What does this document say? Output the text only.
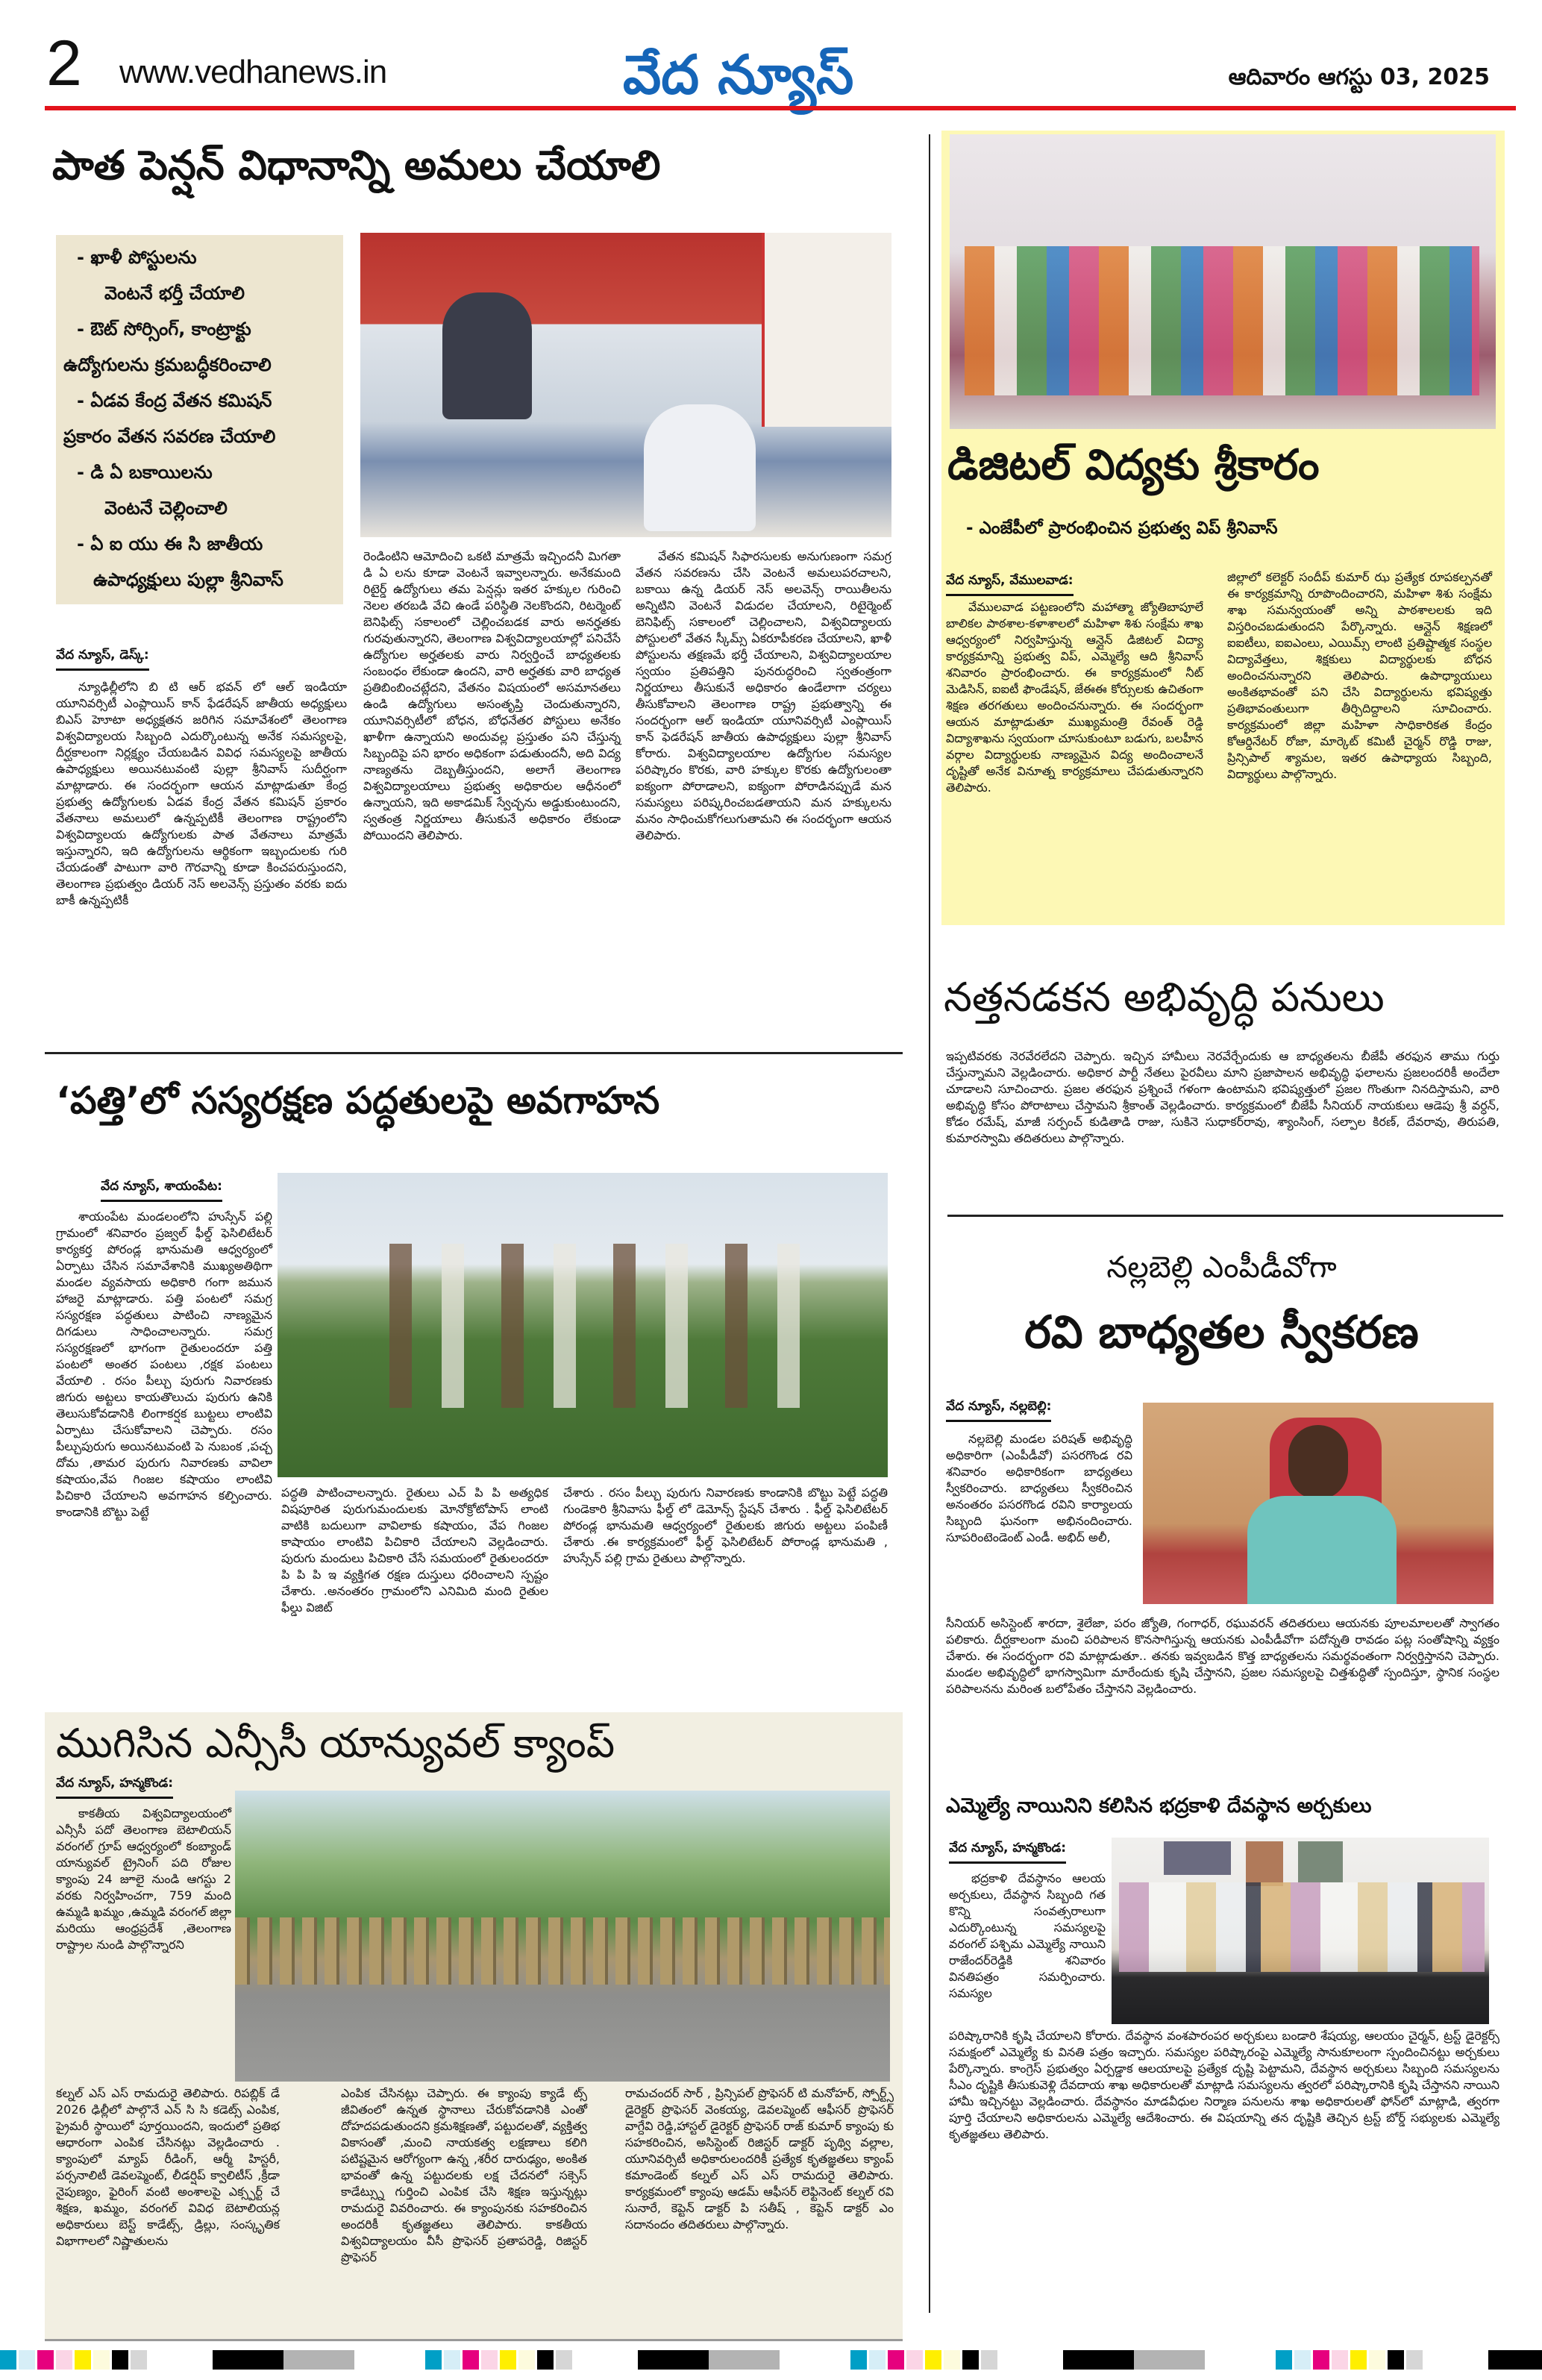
2 www.vedhanews.in	వేద న్యూస్	ఆదివారం ఆగస్టు 03, 2025
పాత పెన్షన్ విధానాన్ని అమలు చేయాలి
- ఖాళీ పోస్టులను
వెంటనే భర్తీ చేయాలి
- ఔట్ సోర్సింగ్, కాంట్రాక్టు
ఉద్యోగులను క్రమబద్ధీకరించాలి
- ఏడవ కేంద్ర వేతన కమిషన్
ప్రకారం వేతన సవరణ చేయాలి
- డి ఏ బకాయిలను
వెంటనే చెల్లించాలి
- ఏ ఐ యు ఈ సి జాతీయ
ఉపాధ్యక్షులు పుల్లా శ్రీనివాస్
వేద న్యూస్, డెస్క్:
న్యూఢిల్లీలోని బి టి ఆర్ భవన్ లో ఆల్ ఇండియా యూనివర్సిటీ ఎంప్లాయిస్ కాన్ ఫేడరేషన్ జాతీయ అధ్యక్షులు బిఎస్ హెూటా అధ్యక్షతన జరిగిన సమావేశంలో తెలంగాణ విశ్వవిద్యాలయ సిబ్బంది ఎదుర్కొంటున్న అనేక సమస్యలపై, దీర్ఘకాలంగా నిర్లక్ష్యం చేయబడిన వివిధ సమస్యలపై జాతీయ ఉపాధ్యక్షులు అయినటువంటి పుల్లా శ్రీనివాస్ సుదీర్ఘంగా మాట్లాడారు. ఈ సందర్భంగా ఆయన మాట్లాడుతూ కేంద్ర ప్రభుత్వ ఉద్యోగులకు ఏడవ కేంద్ర వేతన కమిషన్ ప్రకారం వేతనాలు అమలులో ఉన్నప్పటికీ తెలంగాణ రాష్ట్రంలోని విశ్వవిద్యాలయ ఉద్యోగులకు పాత వేతనాలు మాత్రమే ఇస్తున్నారని, ఇది ఉద్యోగులను ఆర్థికంగా ఇబ్బందులకు గురి చేయడంతో పాటుగా వారి గౌరవాన్ని కూడా కించపరుస్తుందని, తెలంగాణ ప్రభుత్వం డియర్ నెస్ అలవెన్స్ ప్రస్తుతం వరకు ఐదు బాకీ ఉన్నప్పటికీ
రెండింటిని ఆమోదించి ఒకటి మాత్రమే ఇచ్చిందనీ మిగతా డి ఏ లను కూడా వెంటనే ఇవ్వాలన్నారు. అనేకమంది రిటైర్డ్ ఉద్యోగులు తమ పెన్షన్లు ఇతర హక్కుల గురించి నెలల తరబడి వేచి ఉండే పరిస్థితి నెలకొందని, రిటర్మెంట్ బెనిఫిట్స్ సకాలంలో చెల్లించబడక వారు అనర్హతకు గురవుతున్నారని, తెలంగాణ విశ్వవిద్యాలయాల్లో పనిచేసే ఉద్యోగుల అర్హతలకు వారు నిర్వర్తించే బాధ్యతలకు సంబంధం లేకుండా ఉందని, వారి అర్హతకు వారి బాధ్యత ప్రతిబింబించట్లేదని, వేతనం విషయంలో అసమానతలు ఉండి ఉద్యోగులు అసంతృప్తి చెందుతున్నారని, యూనివర్సిటీలో బోధన, బోధనేతర పోస్టులు అనేకం ఖాళీగా ఉన్నాయని అందువల్ల ప్రస్తుతం పని చేస్తున్న సిబ్బందిపై పని భారం అధికంగా పడుతుందనీ, అది విద్య నాణ్యతను దెబ్బతీస్తుందని, అలాగే తెలంగాణ విశ్వవిద్యాలయాలు ప్రభుత్వ అధికారుల ఆధీనంలో ఉన్నాయని, ఇది అకాడమిక్ స్వేచ్ఛను అడ్డుకుంటుందని, స్వతంత్ర నిర్ణయాలు తీసుకునే అధికారం లేకుండా పోయిందని తెలిపారు.
వేతన కమిషన్ సిఫారసులకు అనుగుణంగా సమగ్ర వేతన సవరణను చేసి వెంటనే అమలుపరచాలని, బకాయి ఉన్న డియర్ నెస్ అలవెన్స్ రాయితీలను అన్నిటిని వెంటనే విడుదల చేయాలని, రిటైర్మెంట్ బెనిఫిట్స్ సకాలంలో చెల్లించాలని, విశ్వవిద్యాలయ పోస్టులలో వేతన స్కీమ్స్ ఏకరూపీకరణ చేయాలని, ఖాళీ పోస్టులను తక్షణమే భర్తీ చేయాలని, విశ్వవిద్యాలయాల స్వయం ప్రతిపత్తిని పునరుద్ధరించి స్వతంత్రంగా నిర్ణయాలు తీసుకునే అధికారం ఉండేలాగా చర్యలు తీసుకోవాలని తెలంగాణ రాష్ట్ర ప్రభుత్వాన్ని ఈ సందర్భంగా ఆల్ ఇండియా యూనివర్సిటీ ఎంప్లాయిస్ కాన్ ఫెడరేషన్ జాతీయ ఉపాధ్యక్షులు పుల్లా శ్రీనివాస్ కోరారు. విశ్వవిద్యాలయాల ఉద్యోగుల సమస్యల పరిష్కారం కొరకు, వారి హక్కుల కొరకు ఉద్యోగులంతా ఐక్యంగా పోరాడాలని, ఐక్యంగా పోరాడినప్పుడే మన సమస్యలు పరిష్కరించబడతాయని మన హక్కులను మనం సాధించుకోగలుగుతామని ఈ సందర్భంగా ఆయన తెలిపారు.
‘పత్తి’లో సస్యరక్షణ పద్ధతులపై అవగాహన
వేద న్యూస్, శాయంపేట:
శాయంపేట మండలంలోని హుస్సేన్ పల్లి గ్రామంలో శనివారం ప్రజ్వల్ ఫీల్డ్ ఫెసిలిటేటర్ కార్యకర్త పోరండ్ల భానుమతి ఆధ్వర్యంలో ఏర్పాటు చేసిన సమావేశానికి ముఖ్యఅతిథిగా మండల వ్యవసాయ అధికారి గంగా జమున హాజరై మాట్లాడారు. పత్తి పంటలో సమగ్ర సస్యరక్షణ పద్ధతులు పాటించి నాణ్యమైన దిగడులు సాధించాలన్నారు. సమగ్ర సస్యరక్షణలో భాగంగా రైతులందరూ పత్తి పంటలో అంతర పంటలు ,రక్షక పంటలు వేయాలి . రసం పీల్చు పురుగు నివారణకు జిగురు అట్టలు కాయతొలుచు పురుగు ఉనికి తెలుసుకోవడానికి లింగాకర్షక బుట్టలు లాంటివి ఏర్పాటు చేసుకోవాలని చెప్పారు. రసం పీల్చుపురుగు అయినటువంటి పె నుబంక ,పచ్చ దోమ ,తామర పురుగు నివారణకు వావిలా కషాయం,వేప గింజల కషాయం లాంటివి పిచికారి చేయాలని అవగాహన కల్పించారు. కాండానికి బొట్టు పెట్టే
పద్ధతి పాటించాలన్నారు. రైతులు ఎచ్ పి పి అత్యధిక విషపూరిత పురుగుమందులకు మోనోక్రోటోపాస్ లాంటి వాటికి బదులుగా వావిలాకు కషాయం, వేప గింజల కాషాయం లాంటివి పిచికారి చేయాలని వెల్లడించారు. పురుగు మందులు పిచికారి చేసే సమయంలో రైతులందరూ పి పి పి ఇ వ్యక్తిగత రక్షణ దుస్తులు ధరించాలని స్పష్టం చేశారు. .అనంతరం గ్రామంలోని ఎనిమిది మంది రైతుల ఫీల్డు విజిట్
చేశారు . రసం పీల్చు పురుగు నివారణకు కాండానికి బొట్టు పెట్టే పద్ధతి గుండెకారి శ్రీనివాసు ఫీల్డ్ లో డెమోన్స్ స్టేషన్ చేశారు . ఫీల్డ్ ఫెసిలిటేటర్ పోరండ్ల భానుమతి ఆధ్వర్యంలో రైతులకు జిగురు అట్టలు పంపిణీ చేశారు .ఈ కార్యక్రమంలో ఫీల్డ్ ఫెసిలిటేటర్ పోరాండ్ల భానుమతి , హుస్సేన్ పల్లి గ్రామ రైతులు పాల్గొన్నారు.
ముగిసిన ఎన్సీసీ యాన్యువల్ క్యాంప్
వేద న్యూస్, హన్మకొండ:
కాకతీయ విశ్వవిద్యాలయంలో ఎన్సీసీ పదో తెలంగాణ బెటాలియన్ వరంగల్ గ్రూప్ ఆధ్వర్యంలో కంబ్యాండ్ యాన్యువల్ ట్రైనింగ్ పది రోజుల క్యాంపు 24 జూలై నుండి ఆగస్టు 2 వరకు నిర్వహించగా, 759 మంది ఉమ్మడి ఖమ్మం ,ఉమ్మడి వరంగల్ జిల్లా మరియు ఆంధ్రప్రదేశ్ ,తెలంగాణ రాష్ట్రాల నుండి పాల్గొన్నారని
కల్నల్ ఎస్ ఎస్ రామదురై తెలిపారు. రిపబ్లిక్ డే 2026 ఢిల్లీలో పాల్గొనే ఎన్ సి సి కడెట్స్ ఎంపిక, ప్రైమరీ స్థాయిలో పూర్తయిందని, ఇందులో ప్రతిభ ఆధారంగా ఎంపిక చేసినట్లు వెల్లడించారు . క్యాంపులో మ్యాప్ రీడింగ్, ఆర్మీ హిస్టరీ, పర్సనాలిటీ డెవలప్మెంట్, లీడర్షిప్ క్వాలిటీస్ ,క్రీడా నైపుణ్యం, ఫైరింగ్ వంటి అంశాలపై ఎక్స్పర్ట్ చే శిక్షణ, ఖమ్మం, వరంగల్ వివిధ బెటాలియన్ల అధికారులు బెస్ట్ కాడేట్స్, డ్రిల్లు, సంస్కృతిక విభాగాలలో నిష్ణాతులను
ఎంపిక చేసినట్లు చెప్పారు. ఈ క్యాంపు క్యాడే ట్స్ జీవితంలో ఉన్నత స్థానాలు చేరుకోవడానికి ఎంతో దోహదపడుతుందని క్రమశిక్షణతో, పట్టుదలతో, వ్యక్తిత్వ వికాసంతో ,మంచి నాయకత్వ లక్షణాలు కలిగి పటిష్టమైన ఆరోగ్యంగా ఉన్న ,శరీర దారుఢ్యం, అంకిత భావంతో ఉన్న పట్టుదలకు లక్ష చేదనలో సక్సెస్ కాడేట్స్ను గుర్తించి ఎంపిక చేసి శిక్షణ ఇస్తున్నట్లు రామదురై వివరించారు. ఈ క్యాంపునకు సహకరించిన అందరికీ కృతజ్ఞతలు తెలిపారు. కాకతీయ విశ్వవిద్యాలయం వీసీ ప్రొఫెసర్ ప్రతాపరెడ్డి, రిజిస్టర్ ప్రొఫెసర్
రామచందర్ సార్ , ప్రిన్సిపల్ ప్రొఫెసర్ టి మనోహర్, స్పోర్ట్స్ డైరెక్టర్ ప్రొఫెసర్ వెంకయ్య, డెవలప్మెంట్ ఆఫీసర్ ప్రొఫెసర్ వాగ్దేవి రెడ్డి,హాస్టల్ డైరెక్టర్ ప్రొఫెసర్ రాజ్ కుమార్ క్యాంపు కు సహకరించిన, అసిస్టెంట్ రిజిస్టర్ డాక్టర్ పృథ్వి వల్లాల, యూనివర్సిటీ అధికారులందరికీ ప్రత్యేక కృతజ్ఞతలు క్యాంప్ కమాండెంట్ కల్నల్ ఎస్ ఎస్ రామదురై తెలిపారు. కార్యక్రమంలో క్యాంపు ఆడమ్ ఆఫీసర్ లెఫ్టినెంట్ కల్నల్ రవి సునారే, కెప్టెన్ డాక్టర్ పి సతీష్ , కెప్టెన్ డాక్టర్ ఎం సదానందం తదితరులు పాల్గొన్నారు.
డిజిటల్ విద్యకు శ్రీకారం
- ఎంజేపీలో ప్రారంభించిన ప్రభుత్వ విప్ శ్రీనివాస్
వేద న్యూస్, వేములవాడ:
వేములవాడ పట్టణంలోని మహాత్మా జ్యోతిబాపూలే బాలికల పాఠశాల-కళాశాలలో మహిళా శిశు సంక్షేమ శాఖ ఆధ్వర్యంలో నిర్వహిస్తున్న ఆన్లైన్ డిజిటల్ విద్యా కార్యక్రమాన్ని ప్రభుత్వ విప్, ఎమ్మెల్యే ఆది శ్రీనివాస్ శనివారం ప్రారంభించారు. ఈ కార్యక్రమంలో నీట్ మెడిసిన్, ఐఐటీ ఫౌండేషన్, జేఈఈ కోర్సులకు ఉచితంగా శిక్షణ తరగతులు అందించనున్నారు. ఈ సందర్భంగా ఆయన మాట్లాడుతూ ముఖ్యమంత్రి రేవంత్ రెడ్డి విద్యాశాఖను స్వయంగా చూసుకుంటూ బడుగు, బలహీన వర్గాల విద్యార్థులకు నాణ్యమైన విద్య అందించాలనే దృష్టితో అనేక వినూత్న కార్యక్రమాలు చేపడుతున్నారని తెలిపారు.
జిల్లాలో కలెక్టర్ సందీప్ కుమార్ ఝ ప్రత్యేక రూపకల్పనతో ఈ కార్యక్రమాన్ని రూపొందించారని, మహిళా శిశు సంక్షేమ శాఖ సమన్వయంతో అన్ని పాఠశాలలకు ఇది విస్తరించబడుతుందని పేర్కొన్నారు. ఆన్లైన్ శిక్షణలో ఐఐటీలు, ఐఐఎంలు, ఎయిమ్స్ లాంటి ప్రతిష్టాత్మక సంస్థల విద్యావేత్తలు, శిక్షకులు విద్యార్థులకు బోధన అందించనున్నారని తెలిపారు. ఉపాధ్యాయులు అంకితభావంతో పని చేసి విద్యార్థులను భవిష్యత్తు ప్రతిభావంతులుగా తీర్చిదిద్దాలని సూచించారు. కార్యక్రమంలో జిల్లా మహిళా సాధికారికత కేంద్రం కోఆర్డినేటర్ రోజా, మార్కెట్ కమిటీ చైర్మన్ రొడ్డి రాజు, ప్రిన్సిపాల్ శ్యామల, ఇతర ఉపాధ్యాయ సిబ్బంది, విద్యార్థులు పాల్గొన్నారు.
నత్తనడకన అభివృద్ధి పనులు
ఇప్పటివరకు నెరవేరలేదని చెప్పారు. ఇచ్చిన హామీలు నెరవేర్చేందుకు ఆ బాధ్యతలను బీజేపీ తరఫున తాము గుర్తు చేస్తున్నామని వెల్లడించారు. అధికార పార్టీ నేతలు పైరవీలు మాని ప్రజాపాలన అభివృద్ధి ఫలాలను ప్రజలందరికీ అందేలా చూడాలని సూచించారు. ప్రజల తరఫున ప్రశ్నించే గళంగా ఉంటామని భవిష్యత్తులో ప్రజల గొంతుగా నినదిస్తామని, వారి అభివృద్ధి కోసం పోరాటాలు చేస్తామని శ్రీకాంత్ వెల్లడించారు. కార్యక్రమంలో బీజేపీ సీనియర్ నాయకులు ఆడెపు శ్రీ వర్ధన్, కోడం రమేష్, మాజీ సర్పంచ్ కుడితాడి రాజు, సుకినె సుధాకర్‌రావు, శ్యాంసింగ్, సల్పాల కిరణ్, దేవరావు, తిరుపతి, కుమారస్వామి తదితరులు పాల్గొన్నారు.
నల్లబెల్లి ఎంపీడీవోగా
రవి బాధ్యతల స్వీకరణ
వేద న్యూస్, నల్లబెల్లి:
నల్లబెల్లి మండల పరిషత్ అభివృద్ధి అధికారిగా (ఎంపీడీవో) పసరగొండ రవి శనివారం అధికారికంగా బాధ్యతలు స్వీకరించారు. బాధ్యతలు స్వీకరించిన అనంతరం పసరగొండ రవిని కార్యాలయ సిబ్బంది ఘనంగా అభినందించారు. సూపరింటెండెంట్ ఎండీ. అభిద్ అలీ,
సీనియర్ అసిస్టెంట్ శారదా, శైలేజా, పరం జ్యోతి, గంగాధర్, రఘువరన్ తదితరులు ఆయనకు పూలమాలలతో స్వాగతం పలికారు. దీర్ఘకాలంగా మంచి పరిపాలన కొనసాగిస్తున్న ఆయనకు ఎంపీడీవోగా పదోన్నతి రావడం పట్ల సంతోషాన్ని వ్యక్తం చేశారు. ఈ సందర్భంగా రవి మాట్లాడుతూ.. తనకు ఇవ్వబడిన కొత్త బాధ్యతలను సమర్థవంతంగా నిర్వర్తిస్తానని చెప్పారు. మండల అభివృద్ధిలో భాగస్వామిగా మారేందుకు కృషి చేస్తానని, ప్రజల సమస్యలపై చిత్తశుద్ధితో స్పందిస్తూ, స్థానిక సంస్థల పరిపాలనను మరింత బలోపేతం చేస్తానని వెల్లడించారు.
ఎమ్మెల్యే నాయినిని కలిసిన భద్రకాళి దేవస్థాన అర్చకులు
వేద న్యూస్, హన్మకొండ:
భద్రకాళి దేవస్థానం ఆలయ అర్చకులు, దేవస్థాన సిబ్బంది గత కొన్ని సంవత్సరాలుగా ఎదుర్కొంటున్న సమస్యలపై వరంగల్ పశ్చిమ ఎమ్మెల్యే నాయిని రాజేందర్‌రెడ్డికి శనివారం వినతిపత్రం సమర్పించారు. సమస్యల
పరిష్కారానికి కృషి చేయాలని కోరారు. దేవస్థాన వంశపారంపర అర్చకులు బండారి శేషయ్య, ఆలయం చైర్మన్, ట్రస్ట్ డైరెక్టర్స్ సమక్షంలో ఎమ్మెల్యే కు వినతి పత్రం ఇచ్చారు. సమస్యల పరిష్కారంపై ఎమ్మెల్యే సానుకూలంగా స్పందించినట్టు అర్చకులు పేర్కొన్నారు. కాంగ్రెస్ ప్రభుత్వం ఏర్పడ్డాక ఆలయాలపై ప్రత్యేక దృష్టి పెట్టామని, దేవస్థాన అర్చకులు సిబ్బంది సమస్యలను సీఎం దృష్టికి తీసుకువెళ్లి దేవదాయ శాఖ అధికారులతో మాట్లాడి సమస్యలను త్వరలో పరిష్కారానికి కృషి చేస్తానని నాయిని హామీ ఇచ్చినట్టు వెల్లడించారు. దేవస్థానం మాడవీధుల నిర్మాణ పనులను శాఖ అధికారులతో ఫోన్‌లో మాట్లాడి, త్వరగా పూర్తి చేయాలని అధికారులను ఎమ్మెల్యే ఆదేశించారు. ఈ విషయాన్ని తన దృష్టికి తెచ్చిన ట్రస్ట్ బోర్డ్ సభ్యులకు ఎమ్మెల్యే కృతజ్ఞతలు తెలిపారు.
